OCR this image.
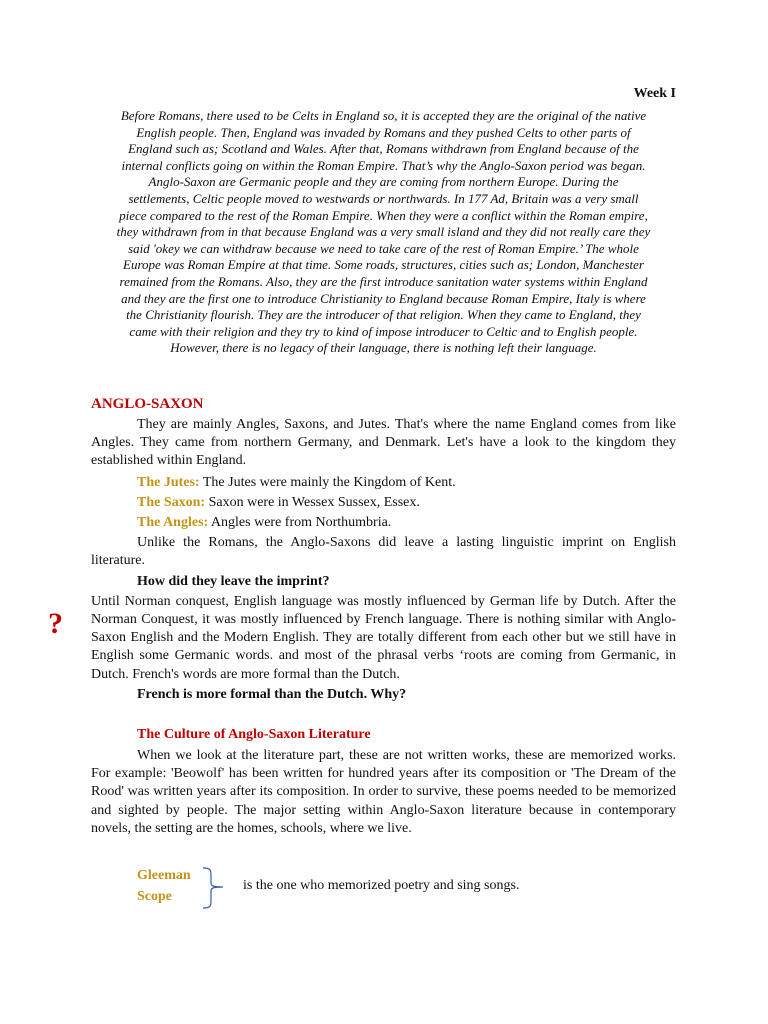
Week I

Before Romans, there used to be Celts in England so, it is accepted they are the original of the native
English people. Then, England was invaded by Romans and they pushed Celts to other parts of
England such as; Scotland and Wales. After that, Romans withdrawn from England because of the
internal conflicts going on within the Roman Empire. That’s why the Anglo-Saxon period was began.
Anglo-Saxon are Germanic people and they are coming from northern Europe. During the
settlements, Celtic people moved to westwards or northwards. In 177 Ad, Britain was a very small
piece compared to the rest of the Roman Empire. When they were a conflict within the Roman empire,
they withdrawn from in that because England was a very small island and they did not really care they
said 'okey we can withdraw because we need to take care of the rest of Roman Empire.’ The whole
Europe was Roman Empire at that time. Some roads, structures, cities such as; London, Manchester
remained from the Romans. Also, they are the first introduce sanitation water systems within England
and they are the first one to introduce Christianity to England because Roman Empire, Italy is where
the Christianity flourish. They are the introducer of that religion. When they came to England, they
came with their religion and they try to kind of impose introducer to Celtic and to English people.
However, there is no legacy of their language, there is nothing left their language.
ANGLO-SAXON

They are mainly Angles, Saxons, and Jutes. That's where the name England comes from like Angles. They came from northern Germany, and Denmark. Let's have a look to the kingdom they established within England.

The Jutes: The Jutes were mainly the Kingdom of Kent.

The Saxon: Saxon were in Wessex Sussex, Essex.

The Angles: Angles were from Northumbria.

Unlike the Romans, the Anglo-Saxons did leave a lasting linguistic imprint on English literature.

How did they leave the imprint?

Until Norman conquest, English language was mostly influenced by German life by Dutch. After the Norman Conquest, it was mostly influenced by French language. There is nothing similar with Anglo-Saxon English and the Modern English. They are totally different from each other but we still have in English some Germanic words. and most of the phrasal verbs ‘roots are coming from Germanic, in Dutch. French's words are more formal than the Dutch.

French is more formal than the Dutch. Why?

The Culture of Anglo-Saxon Literature

When we look at the literature part, these are not written works, these are memorized works. For example: 'Beowolf' has been written for hundred years after its composition or 'The Dream of the Rood' was written years after its composition. In order to survive, these poems needed to be memorized and sighted by people. The major setting within Anglo-Saxon literature because in contemporary novels, the setting are the homes, schools, where we live.

?
Gleeman
Scope
is the one who memorized poetry and sing songs.
